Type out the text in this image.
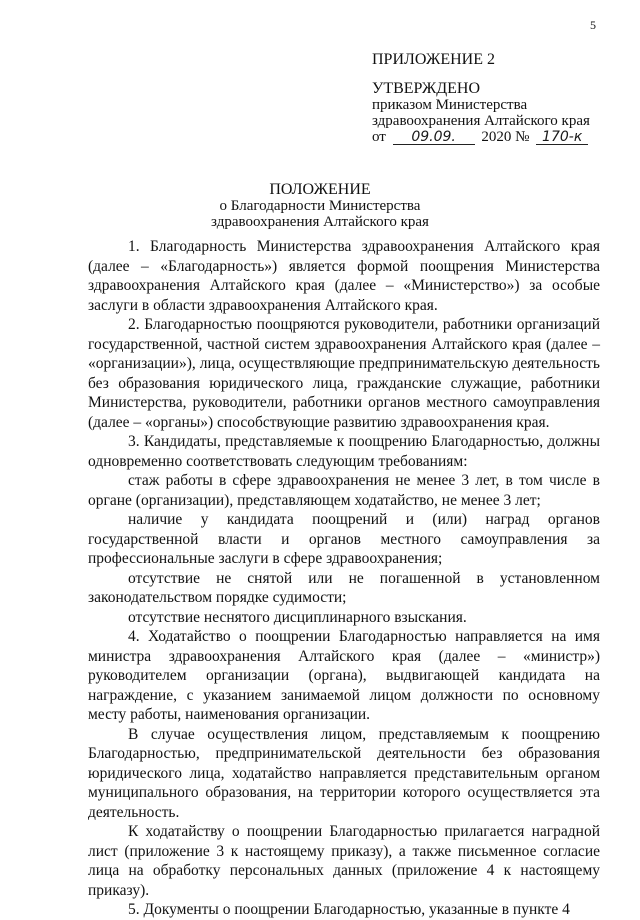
5
ПРИЛОЖЕНИЕ 2
УТВЕРЖДЕНО
приказом Министерства
здравоохранения Алтайского края
от 09.09. 2020 № 170-к
ПОЛОЖЕНИЕ
о Благодарности Министерства
здравоохранения Алтайского края

1. Благодарность Министерства здравоохранения Алтайского края (далее – «Благодарность») является формой поощрения Министерства здравоохранения Алтайского края (далее – «Министерство») за особые заслуги в области здравоохранения Алтайского края.

2. Благодарностью поощряются руководители, работники организаций государственной, частной систем здравоохранения Алтайского края (далее – «организации»), лица, осуществляющие предпринимательскую деятельность без образования юридического лица, гражданские служащие, работники Министерства, руководители, работники органов местного самоуправления (далее – «органы») способствующие развитию здравоохранения края.

3. Кандидаты, представляемые к поощрению Благодарностью, должны одновременно соответствовать следующим требованиям:

стаж работы в сфере здравоохранения не менее 3 лет, в том числе в органе (организации), представляющем ходатайство, не менее 3 лет;

наличие у кандидата поощрений и (или) наград органов государственной власти и органов местного самоуправления за профессиональные заслуги в сфере здравоохранения;

отсутствие не снятой или не погашенной в установленном законодательством порядке судимости;

отсутствие неснятого дисциплинарного взыскания.

4. Ходатайство о поощрении Благодарностью направляется на имя министра здравоохранения Алтайского края (далее – «министр») руководителем организации (органа), выдвигающей кандидата на награждение, с указанием занимаемой лицом должности по основному месту работы, наименования организации.

В случае осуществления лицом, представляемым к поощрению Благодарностью, предпринимательской деятельности без образования юридического лица, ходатайство направляется представительным органом муниципального образования, на территории которого осуществляется эта деятельность.

К ходатайству о поощрении Благодарностью прилагается наградной лист (приложение 3 к настоящему приказу), а также письменное согласие лица на обработку персональных данных (приложение 4 к настоящему приказу).

5. Документы о поощрении Благодарностью, указанные в пункте 4
